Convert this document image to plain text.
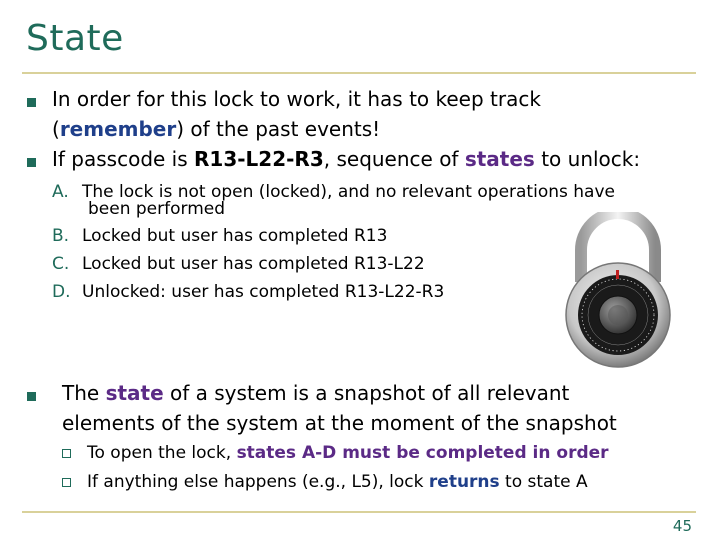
State
In order for this lock to work, it has to keep track
(remember) of the past events!
If passcode is R13-L22-R3, sequence of states to unlock:
A. The lock is not open (locked), and no relevant operations have
been performed
B. Locked but user has completed R13
C. Locked but user has completed R13-L22
D. Unlocked: user has completed R13-L22-R3
The state of a system is a snapshot of all relevant
elements of the system at the moment of the snapshot
To open the lock, states A-D must be completed in order
If anything else happens (e.g., L5), lock returns to state A
45
